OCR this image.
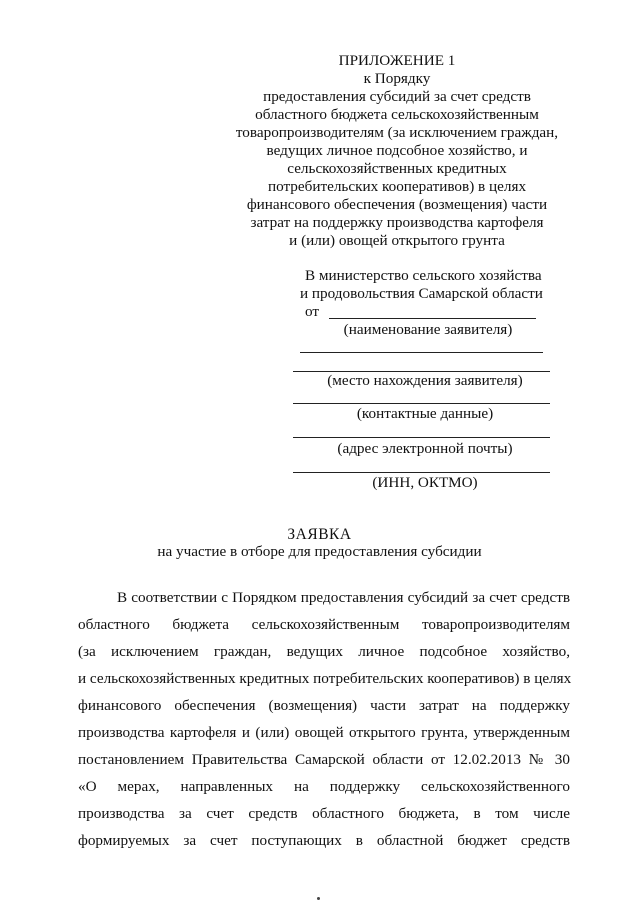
ПРИЛОЖЕНИЕ 1
к Порядку
предоставления субсидий за счет средств
областного бюджета сельскохозяйственным
товаропроизводителям (за исключением граждан,
ведущих личное подсобное хозяйство, и
сельскохозяйственных кредитных
потребительских кооперативов) в целях
финансового обеспечения (возмещения) части
затрат на поддержку производства картофеля
и (или) овощей открытого грунта
В министерство сельского хозяйства
и продовольствия Самарской области
от
(наименование заявителя)
(место нахождения заявителя)
(контактные данные)
(адрес электронной почты)
(ИНН, ОКТМО)
ЗАЯВКА
на участие в отборе для предоставления субсидии
В соответствии с Порядком предоставления субсидий за счет средств
областного бюджета сельскохозяйственным товаропроизводителям
(за исключением граждан, ведущих личное подсобное хозяйство,
и сельскохозяйственных кредитных потребительских кооперативов) в целях
финансового обеспечения (возмещения) части затрат на поддержку
производства картофеля и (или) овощей открытого грунта, утвержденным
постановлением Правительства Самарской области от 12.02.2013 № 30
«О мерах, направленных на поддержку сельскохозяйственного
производства за счет средств областного бюджета, в том числе
формируемых за счет поступающих в областной бюджет средств
